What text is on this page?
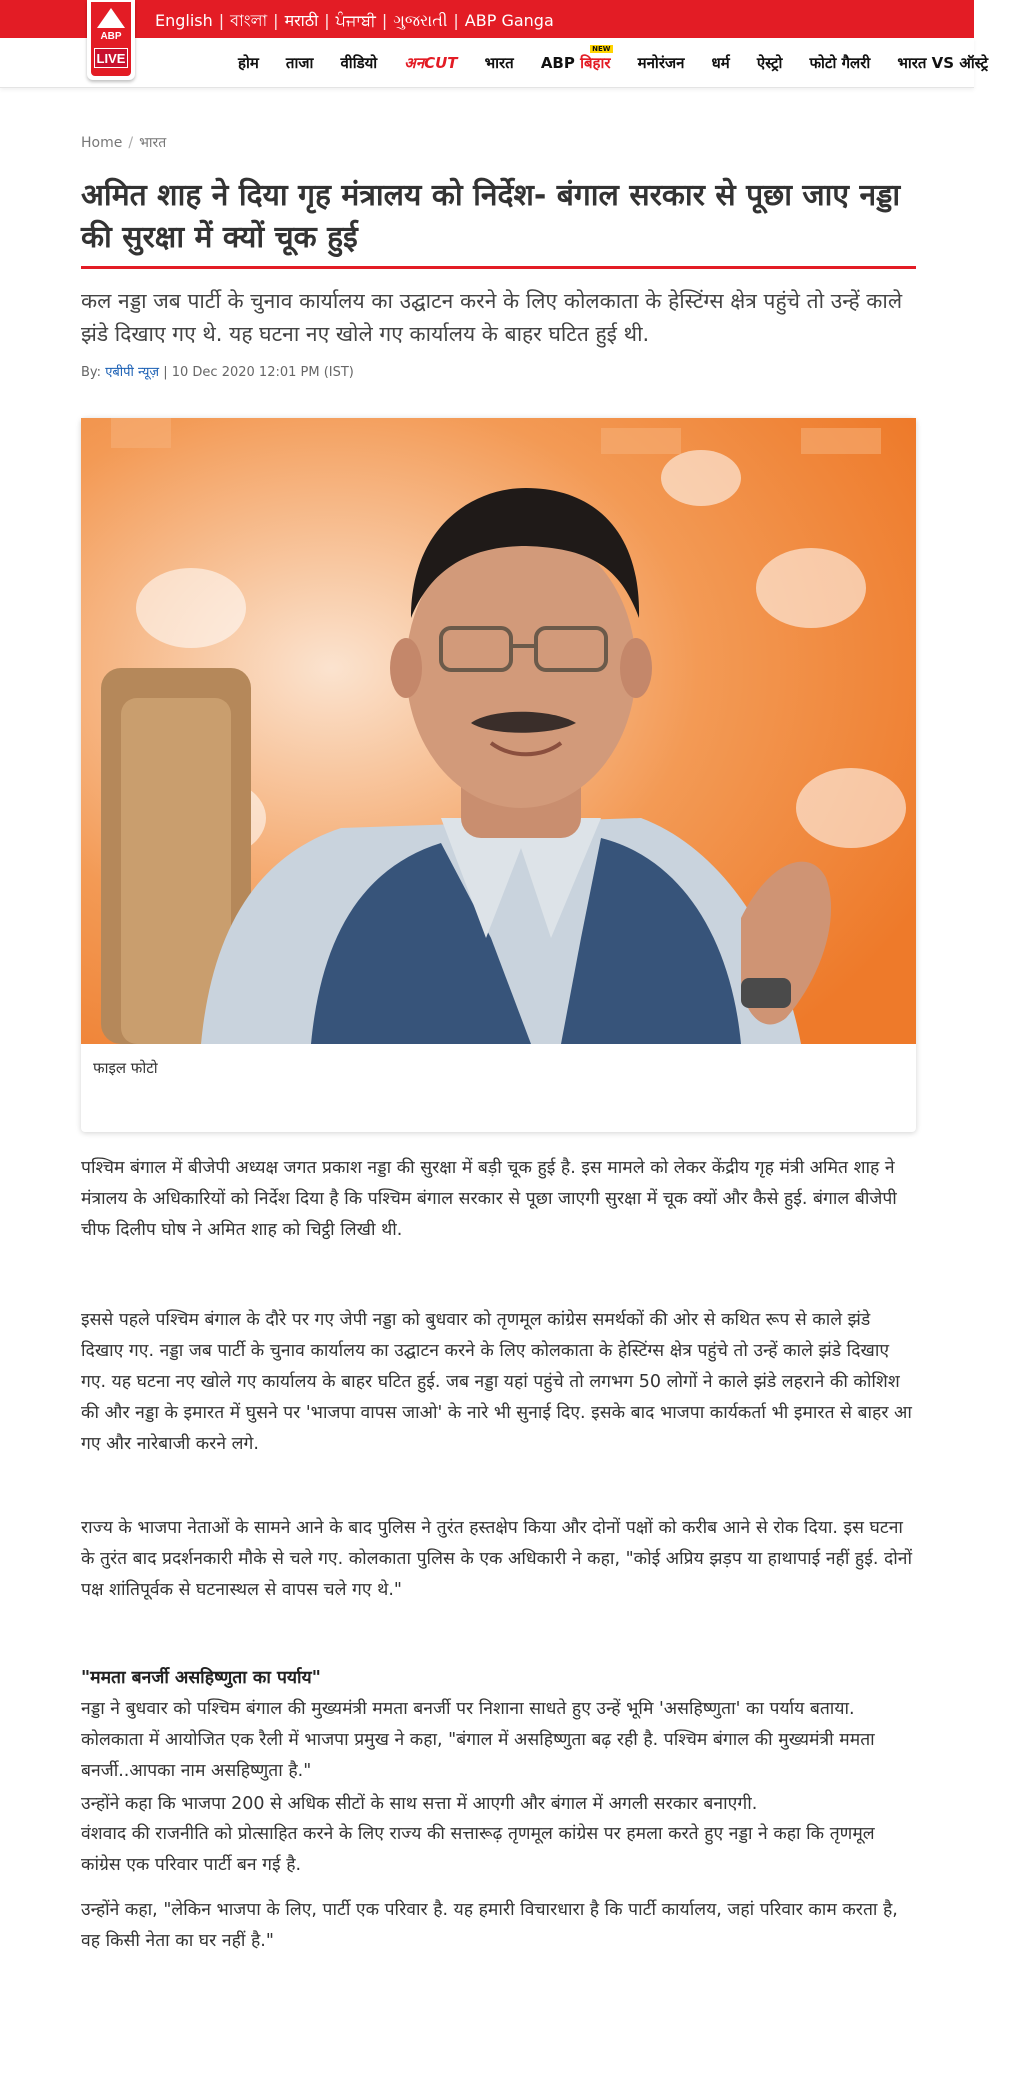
English | বাংলা | मराठी | ਪੰਜਾਬੀ | ગુજરાતી | ABP Ganga
ABP
LIVE	होम ताजा वीडियो अनCUT भारत ABP बिहार
NEW
मनोरंजन धर्म ऐस्ट्रो फोटो गैलरी भारत VS ऑस्ट्रे
Home / भारत
अमित शाह ने दिया गृह मंत्रालय को निर्देश- बंगाल सरकार से पूछा जाए नड्डा की सुरक्षा में क्यों चूक हुई

कल नड्डा जब पार्टी के चुनाव कार्यालय का उद्घाटन करने के लिए कोलकाता के हेस्टिंग्स क्षेत्र पहुंचे तो उन्हें काले झंडे दिखाए गए थे. यह घटना नए खोले गए कार्यालय के बाहर घटित हुई थी.

By: एबीपी न्यूज़ | 10 Dec 2020 12:01 PM (IST)
फाइल फोटो

पश्चिम बंगाल में बीजेपी अध्यक्ष जगत प्रकाश नड्डा की सुरक्षा में बड़ी चूक हुई है. इस मामले को लेकर केंद्रीय गृह मंत्री अमित शाह ने मंत्रालय के अधिकारियों को निर्देश दिया है कि पश्चिम बंगाल सरकार से पूछा जाएगी सुरक्षा में चूक क्यों और कैसे हुई. बंगाल बीजेपी चीफ दिलीप घोष ने अमित शाह को चिट्ठी लिखी थी.

इससे पहले पश्चिम बंगाल के दौरे पर गए जेपी नड्डा को बुधवार को तृणमूल कांग्रेस समर्थकों की ओर से कथित रूप से काले झंडे दिखाए गए. नड्डा जब पार्टी के चुनाव कार्यालय का उद्घाटन करने के लिए कोलकाता के हेस्टिंग्स क्षेत्र पहुंचे तो उन्हें काले झंडे दिखाए गए. यह घटना नए खोले गए कार्यालय के बाहर घटित हुई. जब नड्डा यहां पहुंचे तो लगभग 50 लोगों ने काले झंडे लहराने की कोशिश की और नड्डा के इमारत में घुसने पर 'भाजपा वापस जाओ' के नारे भी सुनाई दिए. इसके बाद भाजपा कार्यकर्ता भी इमारत से बाहर आ गए और नारेबाजी करने लगे.

राज्य के भाजपा नेताओं के सामने आने के बाद पुलिस ने तुरंत हस्तक्षेप किया और दोनों पक्षों को करीब आने से रोक दिया. इस घटना के तुरंत बाद प्रदर्शनकारी मौके से चले गए. कोलकाता पुलिस के एक अधिकारी ने कहा, "कोई अप्रिय झड़प या हाथापाई नहीं हुई. दोनों पक्ष शांतिपूर्वक से घटनास्थल से वापस चले गए थे."

"ममता बनर्जी असहिष्णुता का पर्याय"

नड्डा ने बुधवार को पश्चिम बंगाल की मुख्यमंत्री ममता बनर्जी पर निशाना साधते हुए उन्हें भूमि 'असहिष्णुता' का पर्याय बताया. कोलकाता में आयोजित एक रैली में भाजपा प्रमुख ने कहा, "बंगाल में असहिष्णुता बढ़ रही है. पश्चिम बंगाल की मुख्यमंत्री ममता बनर्जी..आपका नाम असहिष्णुता है."

उन्होंने कहा कि भाजपा 200 से अधिक सीटों के साथ सत्ता में आएगी और बंगाल में अगली सरकार बनाएगी.

वंशवाद की राजनीति को प्रोत्साहित करने के लिए राज्य की सत्तारूढ़ तृणमूल कांग्रेस पर हमला करते हुए नड्डा ने कहा कि तृणमूल कांग्रेस एक परिवार पार्टी बन गई है.

उन्होंने कहा, "लेकिन भाजपा के लिए, पार्टी एक परिवार है. यह हमारी विचारधारा है कि पार्टी कार्यालय, जहां परिवार काम करता है, वह किसी नेता का घर नहीं है."
